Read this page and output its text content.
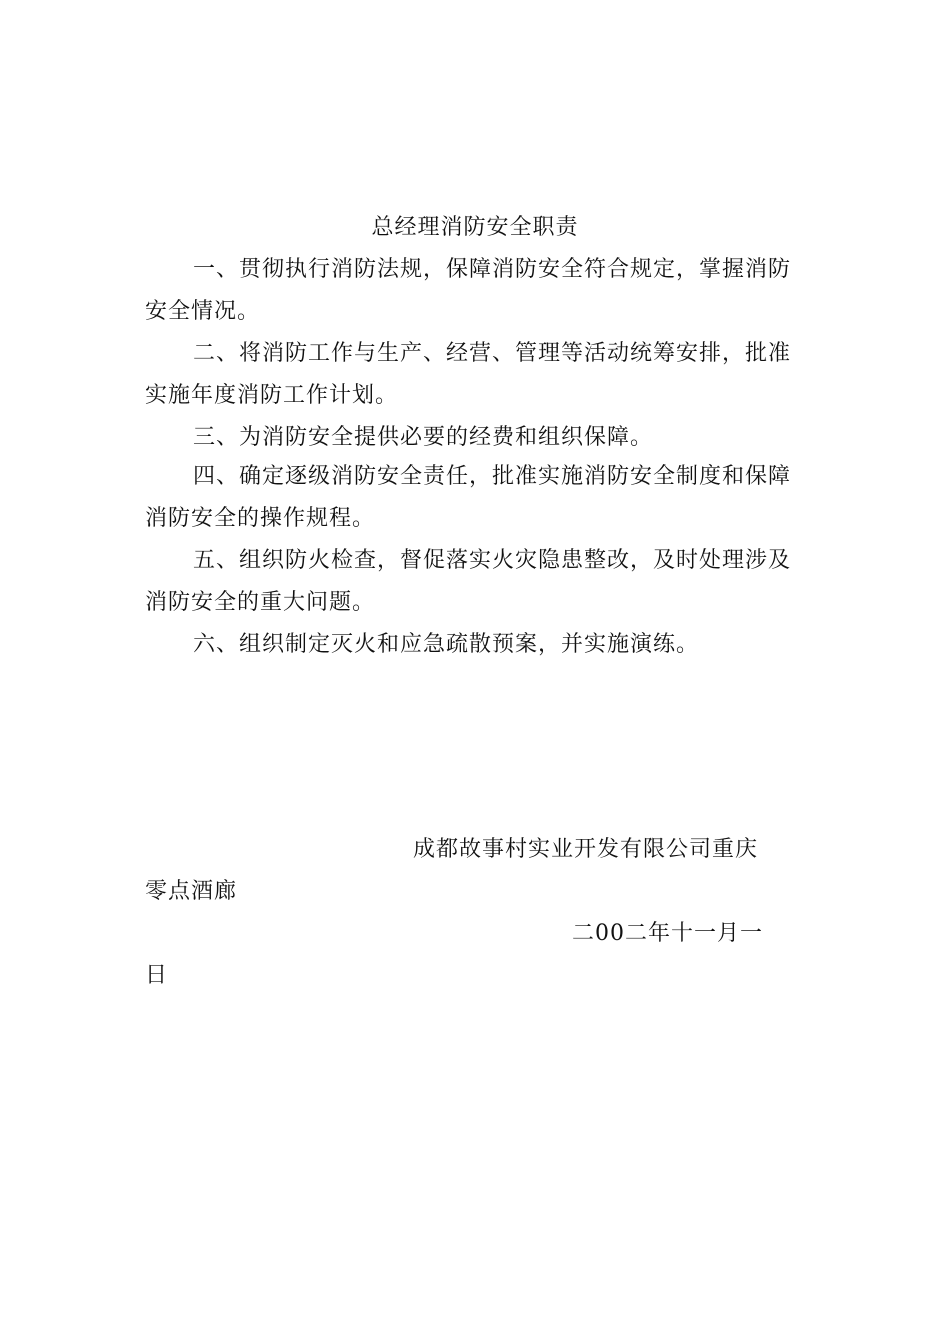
总经理消防安全职责

一、贯彻执行消防法规，保障消防安全符合规定，掌握消防安全情况。

二、将消防工作与生产、经营、管理等活动统筹安排，批准实施年度消防工作计划。

三、为消防安全提供必要的经费和组织保障。

四、确定逐级消防安全责任，批准实施消防安全制度和保障消防安全的操作规程。

五、组织防火检查，督促落实火灾隐患整改，及时处理涉及消防安全的重大问题。

六、组织制定灭火和应急疏散预案，并实施演练。

成都故事村实业开发有限公司重庆
零点酒廊
二00二年十一月一
日
